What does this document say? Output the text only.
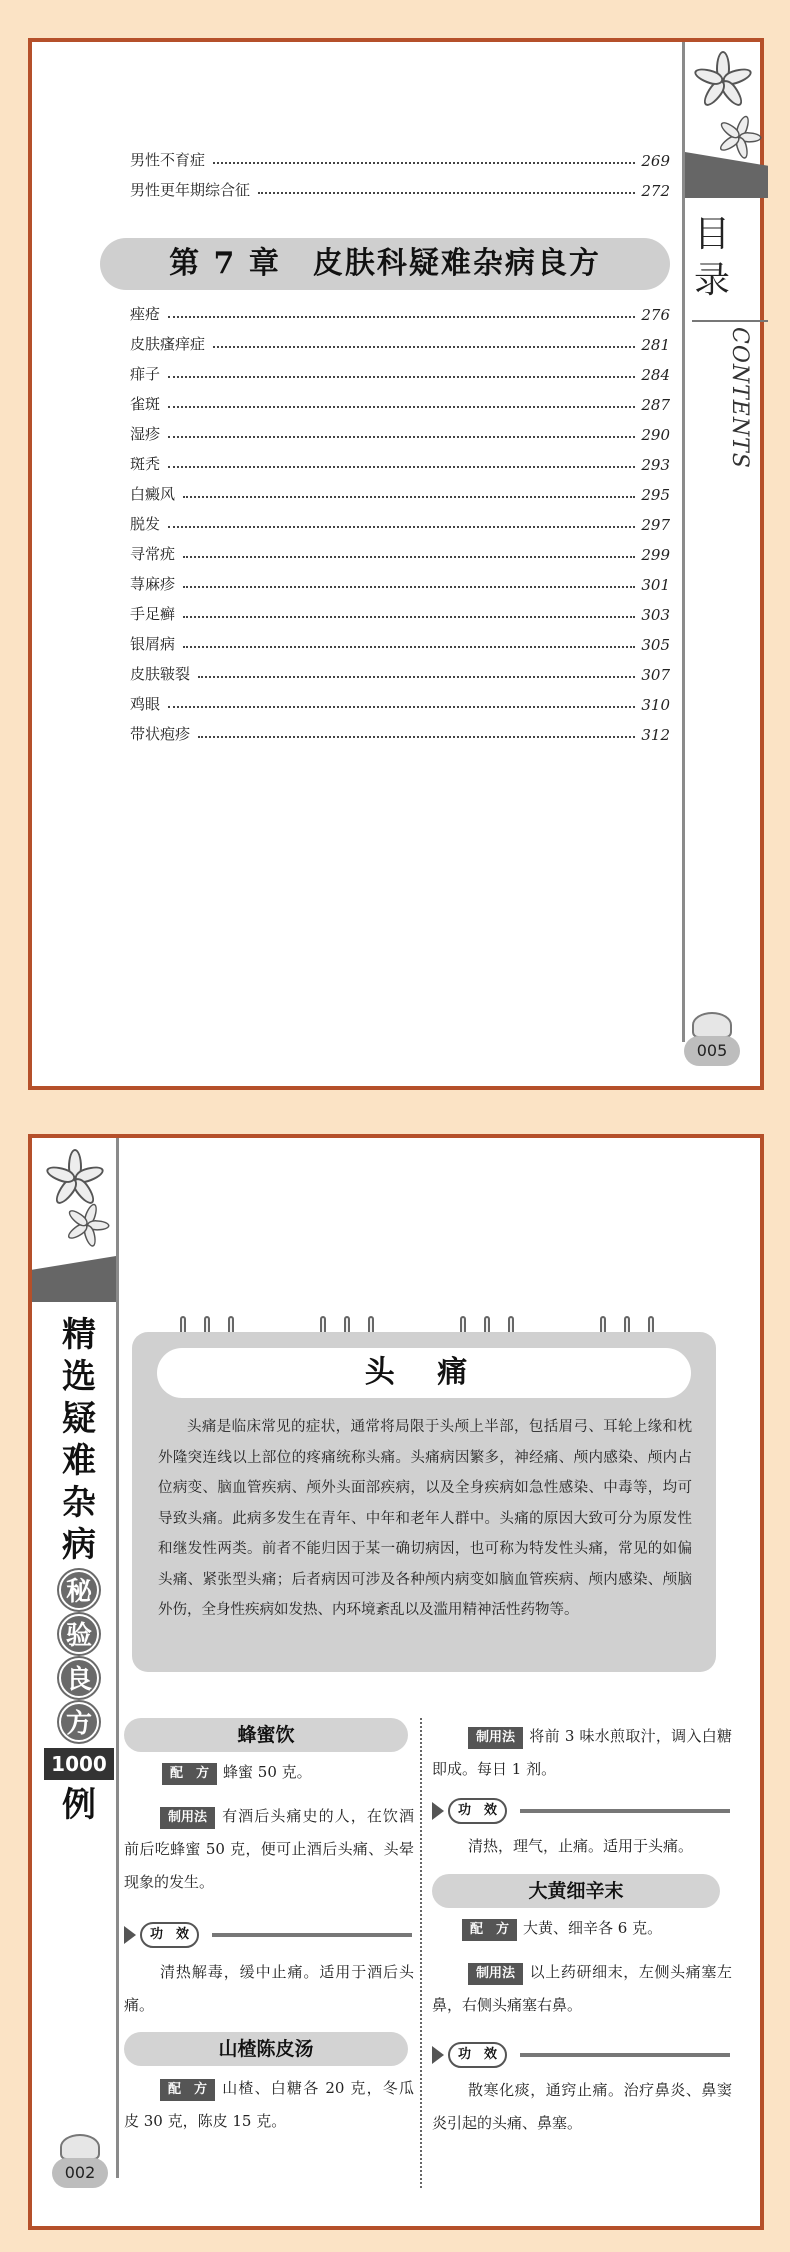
目
录
CONTENTS
男性不育症	269
男性更年期综合征	272
第 7 章　皮肤科疑难杂病良方
痤疮	276
皮肤瘙痒症	281
痱子	284
雀斑	287
湿疹	290
斑秃	293
白癜风	295
脱发	297
寻常疣	299
荨麻疹	301
手足癣	303
银屑病	305
皮肤皲裂	307
鸡眼	310
带状疱疹	312
005
精
选
疑
难
杂
病
秘
验
良
方
1000
例
头 痛
头痛是临床常见的症状，通常将局限于头颅上半部，包括眉弓、耳轮上缘和枕外隆突连线以上部位的疼痛统称头痛。头痛病因繁多，神经痛、颅内感染、颅内占位病变、脑血管疾病、颅外头面部疾病，以及全身疾病如急性感染、中毒等，均可导致头痛。此病多发生在青年、中年和老年人群中。头痛的原因大致可分为原发性和继发性两类。前者不能归因于某一确切病因，也可称为特发性头痛，常见的如偏头痛、紧张型头痛；后者病因可涉及各种颅内病变如脑血管疾病、颅内感染、颅脑外伤，全身性疾病如发热、内环境紊乱以及滥用精神活性药物等。
蜂蜜饮
配　方 蜂蜜 50 克。
制用法 有酒后头痛史的人，在饮酒前后吃蜂蜜 50 克，便可止酒后头痛、头晕现象的发生。
功　效
清热解毒，缓中止痛。适用于酒后头痛。
山楂陈皮汤
配　方 山楂、白糖各 20 克，冬瓜皮 30 克，陈皮 15 克。
制用法 将前 3 味水煎取汁，调入白糖即成。每日 1 剂。
功　效
清热，理气，止痛。适用于头痛。
大黄细辛末
配　方 大黄、细辛各 6 克。
制用法 以上药研细末，左侧头痛塞左鼻，右侧头痛塞右鼻。
功　效
散寒化痰，通窍止痛。治疗鼻炎、鼻窦炎引起的头痛、鼻塞。
002
